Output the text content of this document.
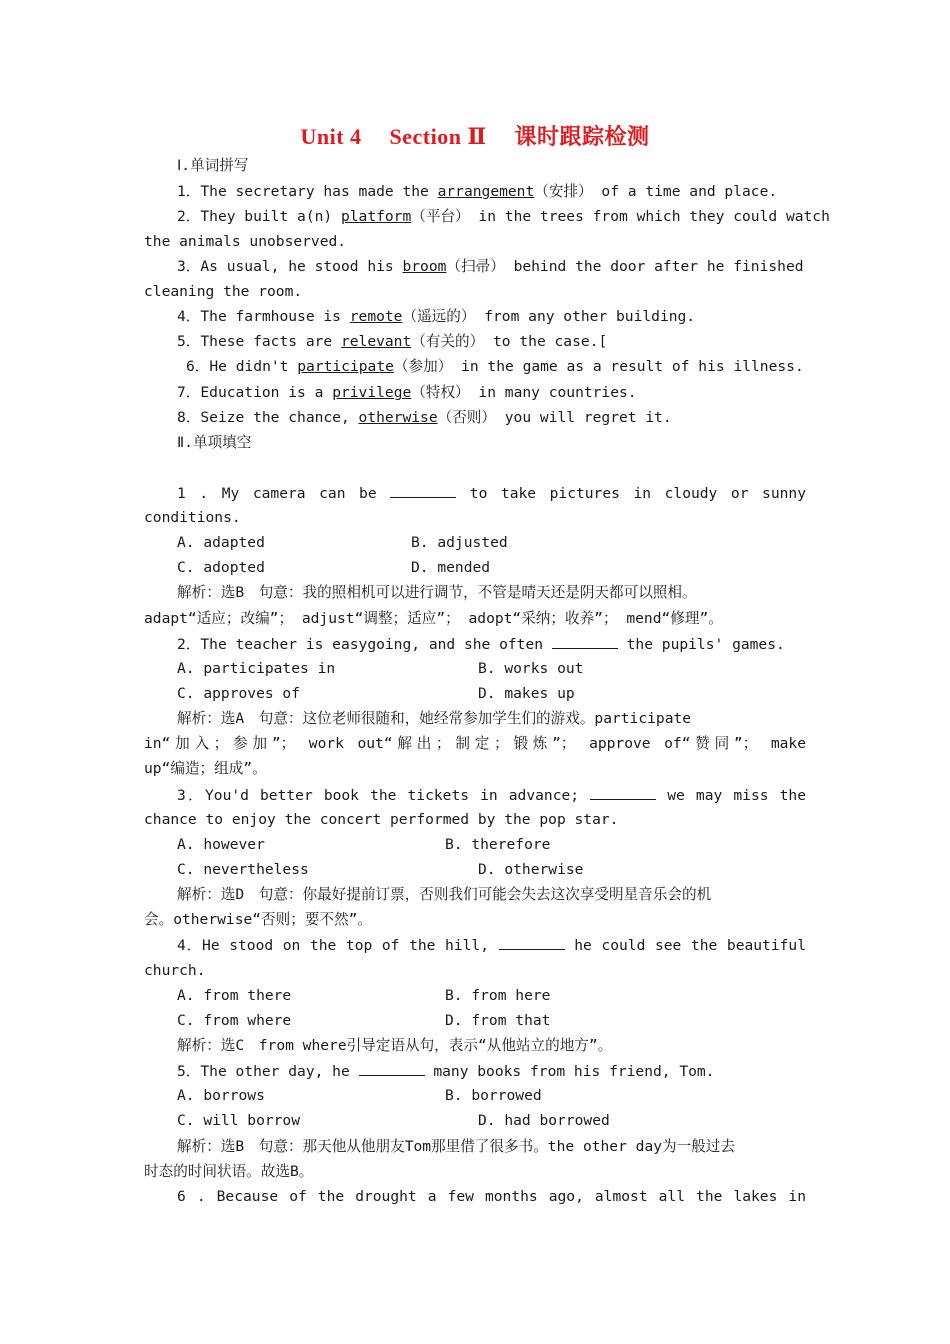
Unit 4 Section Ⅱ 课时跟踪检测
Ⅰ.单词拼写
1．The secretary has made the arrangement（安排） of a time and place.
2．They built a(n) platform（平台） in the trees from which they could watch
the animals unobserved.
3．As usual, he stood his broom（扫帚） behind the door after he finished
cleaning the room.
4．The farmhouse is remote（遥远的） from any other building.
5．These facts are relevant（有关的） to the case.[
6．He didn't participate（参加） in the game as a result of his illness.
7．Education is a privilege（特权） in many countries.
8．Seize the chance, otherwise（否则） you will regret it.
Ⅱ.单项填空
1 . My camera can be	to take pictures in cloudy or sunny
conditions.
A. adapted	B. adjusted
C. adopted	D. mended
解析：选B　句意：我的照相机可以进行调节，不管是晴天还是阴天都可以照相。
adapt“适应；改编”； adjust“调整；适应”； adopt“采纳；收养”； mend“修理”。
2．The teacher is easygoing, and she often	the pupils' games.
A. participates in	B. works out
C. approves of	D. makes up
解析：选A　句意：这位老师很随和，她经常参加学生们的游戏。participate
in“加入；参加”； work out“解出；制定；锻炼”； approve of“赞同”； make
up“编造；组成”。
3．You'd better book the tickets in advance;	we may miss the
chance to enjoy the concert performed by the pop star.
A. however	B. therefore
C. nevertheless	D. otherwise
解析：选D　句意：你最好提前订票，否则我们可能会失去这次享受明星音乐会的机
会。otherwise“否则；要不然”。
4．He stood on the top of the hill,	he could see the beautiful
church.
A. from there	B. from here
C. from where	D. from that
解析：选C　from where引导定语从句，表示“从他站立的地方”。
5．The other day, he	many books from his friend, Tom.
A. borrows	B. borrowed
C. will borrow	D. had borrowed
解析：选B　句意：那天他从他朋友Tom那里借了很多书。the other day为一般过去
时态的时间状语。故选B。
6 . Because of the drought a few months ago, almost all the lakes in
